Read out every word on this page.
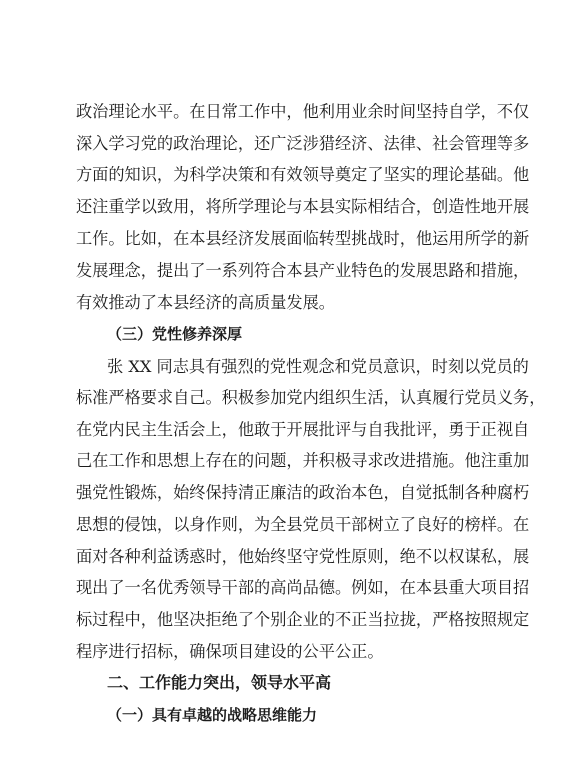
政治理论水平。在日常工作中，他利用业余时间坚持自学，不仅
深入学习党的政治理论，还广泛涉猎经济、法律、社会管理等多
方面的知识，为科学决策和有效领导奠定了坚实的理论基础。他
还注重学以致用，将所学理论与本县实际相结合，创造性地开展
工作。比如，在本县经济发展面临转型挑战时，他运用所学的新
发展理念，提出了一系列符合本县产业特色的发展思路和措施，
有效推动了本县经济的高质量发展。
（三）党性修养深厚
张 XX 同志具有强烈的党性观念和党员意识，时刻以党员的
标准严格要求自己。积极参加党内组织生活，认真履行党员义务，
在党内民主生活会上，他敢于开展批评与自我批评，勇于正视自
己在工作和思想上存在的问题，并积极寻求改进措施。他注重加
强党性锻炼，始终保持清正廉洁的政治本色，自觉抵制各种腐朽
思想的侵蚀，以身作则，为全县党员干部树立了良好的榜样。在
面对各种利益诱惑时，他始终坚守党性原则，绝不以权谋私，展
现出了一名优秀领导干部的高尚品德。例如，在本县重大项目招
标过程中，他坚决拒绝了个别企业的不正当拉拢，严格按照规定
程序进行招标，确保项目建设的公平公正。
二、工作能力突出，领导水平高
（一）具有卓越的战略思维能力
